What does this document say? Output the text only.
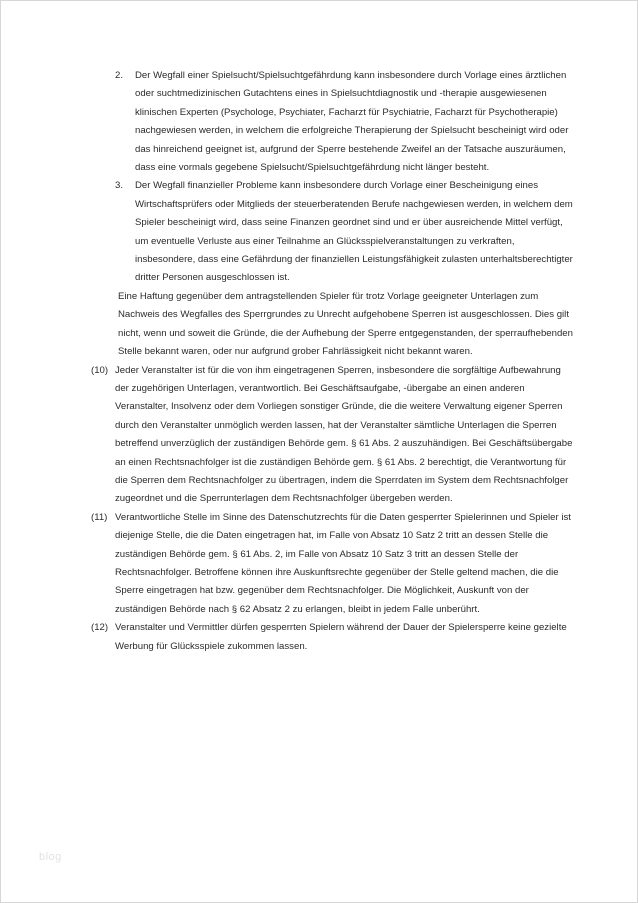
2. Der Wegfall einer Spielsucht/Spielsuchtgefährdung kann insbesondere durch Vorlage eines ärztlichen oder suchtmedizinischen Gutachtens eines in Spielsuchtdiagnostik und -therapie ausgewiesenen klinischen Experten (Psychologe, Psychiater, Facharzt für Psychiatrie, Facharzt für Psychotherapie) nachgewiesen werden, in welchem die erfolgreiche Therapierung der Spielsucht bescheinigt wird oder das hinreichend geeignet ist, aufgrund der Sperre bestehende Zweifel an der Tatsache auszuräumen, dass eine vormals gegebene Spielsucht/Spielsuchtgefährdung nicht länger besteht.

3. Der Wegfall finanzieller Probleme kann insbesondere durch Vorlage einer Bescheinigung eines Wirtschaftsprüfers oder Mitglieds der steuerberatenden Berufe nachgewiesen werden, in welchem dem Spieler bescheinigt wird, dass seine Finanzen geordnet sind und er über ausreichende Mittel verfügt, um eventuelle Verluste aus einer Teilnahme an Glücksspielveranstaltungen zu verkraften, insbesondere, dass eine Gefährdung der finanziellen Leistungsfähigkeit zulasten unterhaltsberechtigter dritter Personen ausgeschlossen ist.

Eine Haftung gegenüber dem antragstellenden Spieler für trotz Vorlage geeigneter Unterlagen zum Nachweis des Wegfalles des Sperrgrundes zu Unrecht aufgehobene Sperren ist ausgeschlossen. Dies gilt nicht, wenn und soweit die Gründe, die der Aufhebung der Sperre entgegenstanden, der sperraufhebenden Stelle bekannt waren, oder nur aufgrund grober Fahrlässigkeit nicht bekannt waren.

(10) Jeder Veranstalter ist für die von ihm eingetragenen Sperren, insbesondere die sorgfältige Aufbewahrung der zugehörigen Unterlagen, verantwortlich. Bei Geschäftsaufgabe, -übergabe an einen anderen Veranstalter, Insolvenz oder dem Vorliegen sonstiger Gründe, die die weitere Verwaltung eigener Sperren durch den Veranstalter unmöglich werden lassen, hat der Veranstalter sämtliche Unterlagen die Sperren betreffend unverzüglich der zuständigen Behörde gem. § 61 Abs. 2 auszuhändigen. Bei Geschäftsübergabe an einen Rechtsnachfolger ist die zuständigen Behörde gem. § 61 Abs. 2 berechtigt, die Verantwortung für die Sperren dem Rechtsnachfolger zu übertragen, indem die Sperrdaten im System dem Rechtsnachfolger zugeordnet und die Sperrunterlagen dem Rechtsnachfolger übergeben werden.

(11) Verantwortliche Stelle im Sinne des Datenschutzrechts für die Daten gesperrter Spielerinnen und Spieler ist diejenige Stelle, die die Daten eingetragen hat, im Falle von Absatz 10 Satz 2 tritt an dessen Stelle die zuständigen Behörde gem. § 61 Abs. 2, im Falle von Absatz 10 Satz 3 tritt an dessen Stelle der Rechtsnachfolger. Betroffene können ihre Auskunftsrechte gegenüber der Stelle geltend machen, die die Sperre eingetragen hat bzw. gegenüber dem Rechtsnachfolger. Die Möglichkeit, Auskunft von der zuständigen Behörde nach § 62 Absatz 2 zu erlangen, bleibt in jedem Falle unberührt.

(12) Veranstalter und Vermittler dürfen gesperrten Spielern während der Dauer der Spielersperre keine gezielte Werbung für Glücksspiele zukommen lassen.

blog
